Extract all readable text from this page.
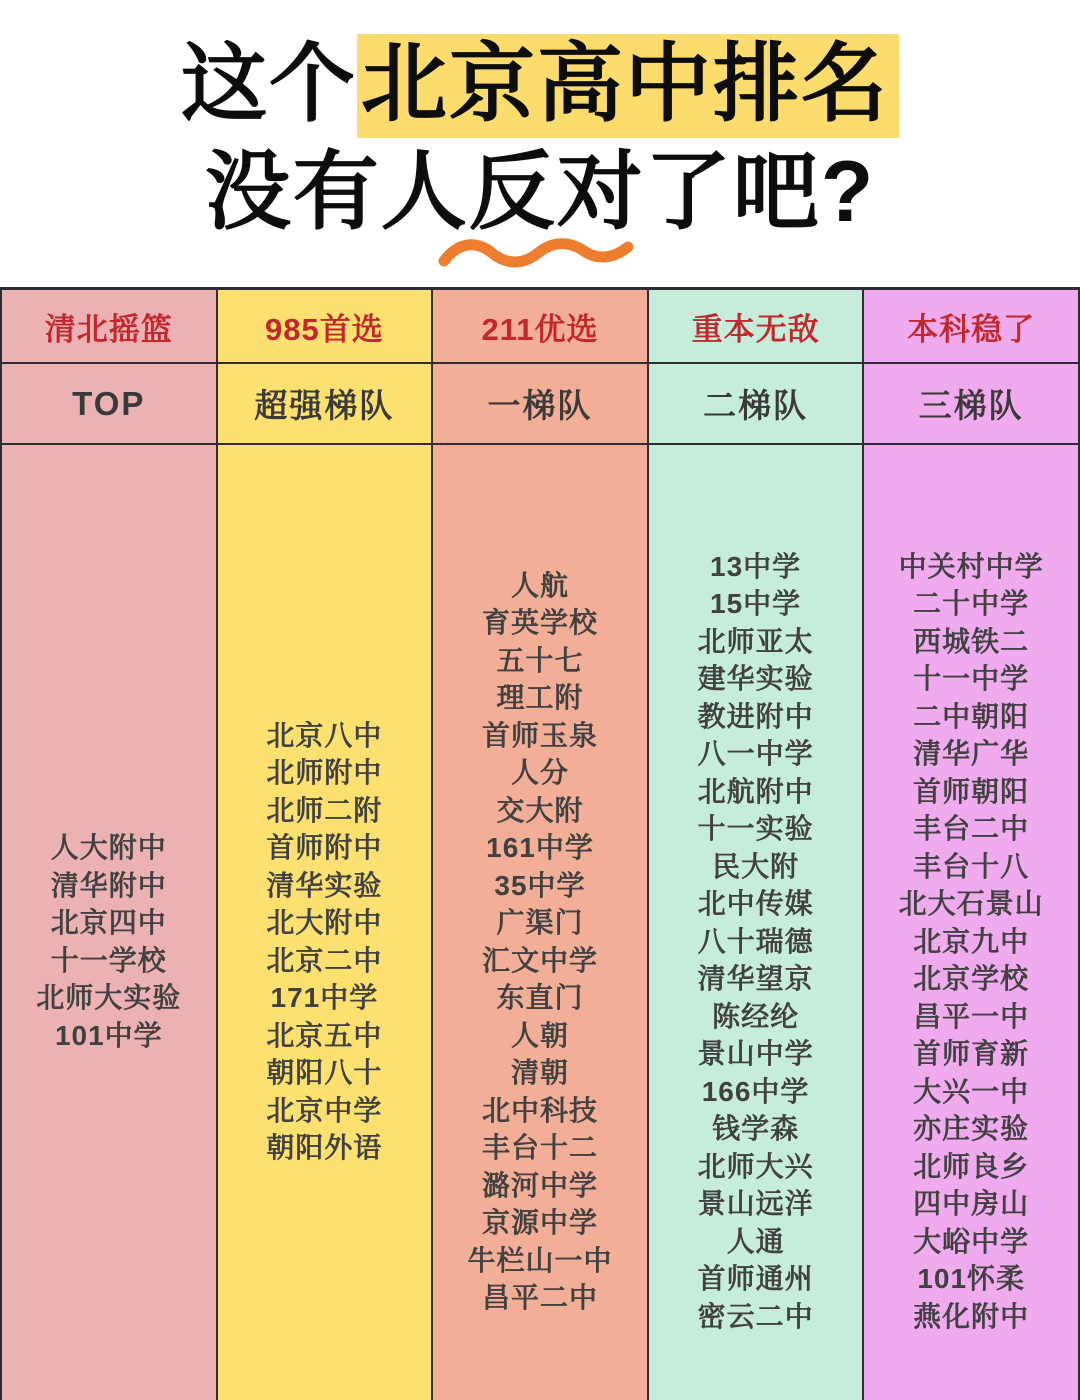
这个北京高中排名
没有人反对了吧?
清北摇篮
TOP
人大附中
清华附中
北京四中
十一学校
北师大实验
101中学
985首选
超强梯队
北京八中
北师附中
北师二附
首师附中
清华实验
北大附中
北京二中
171中学
北京五中
朝阳八十
北京中学
朝阳外语
211优选
一梯队
人航
育英学校
五十七
理工附
首师玉泉
人分
交大附
161中学
35中学
广渠门
汇文中学
东直门
人朝
清朝
北中科技
丰台十二
潞河中学
京源中学
牛栏山一中
昌平二中
重本无敌
二梯队
13中学
15中学
北师亚太
建华实验
教进附中
八一中学
北航附中
十一实验
民大附
北中传媒
八十瑞德
清华望京
陈经纶
景山中学
166中学
钱学森
北师大兴
景山远洋
人通
首师通州
密云二中
本科稳了
三梯队
中关村中学
二十中学
西城铁二
十一中学
二中朝阳
清华广华
首师朝阳
丰台二中
丰台十八
北大石景山
北京九中
北京学校
昌平一中
首师育新
大兴一中
亦庄实验
北师良乡
四中房山
大峪中学
101怀柔
燕化附中
